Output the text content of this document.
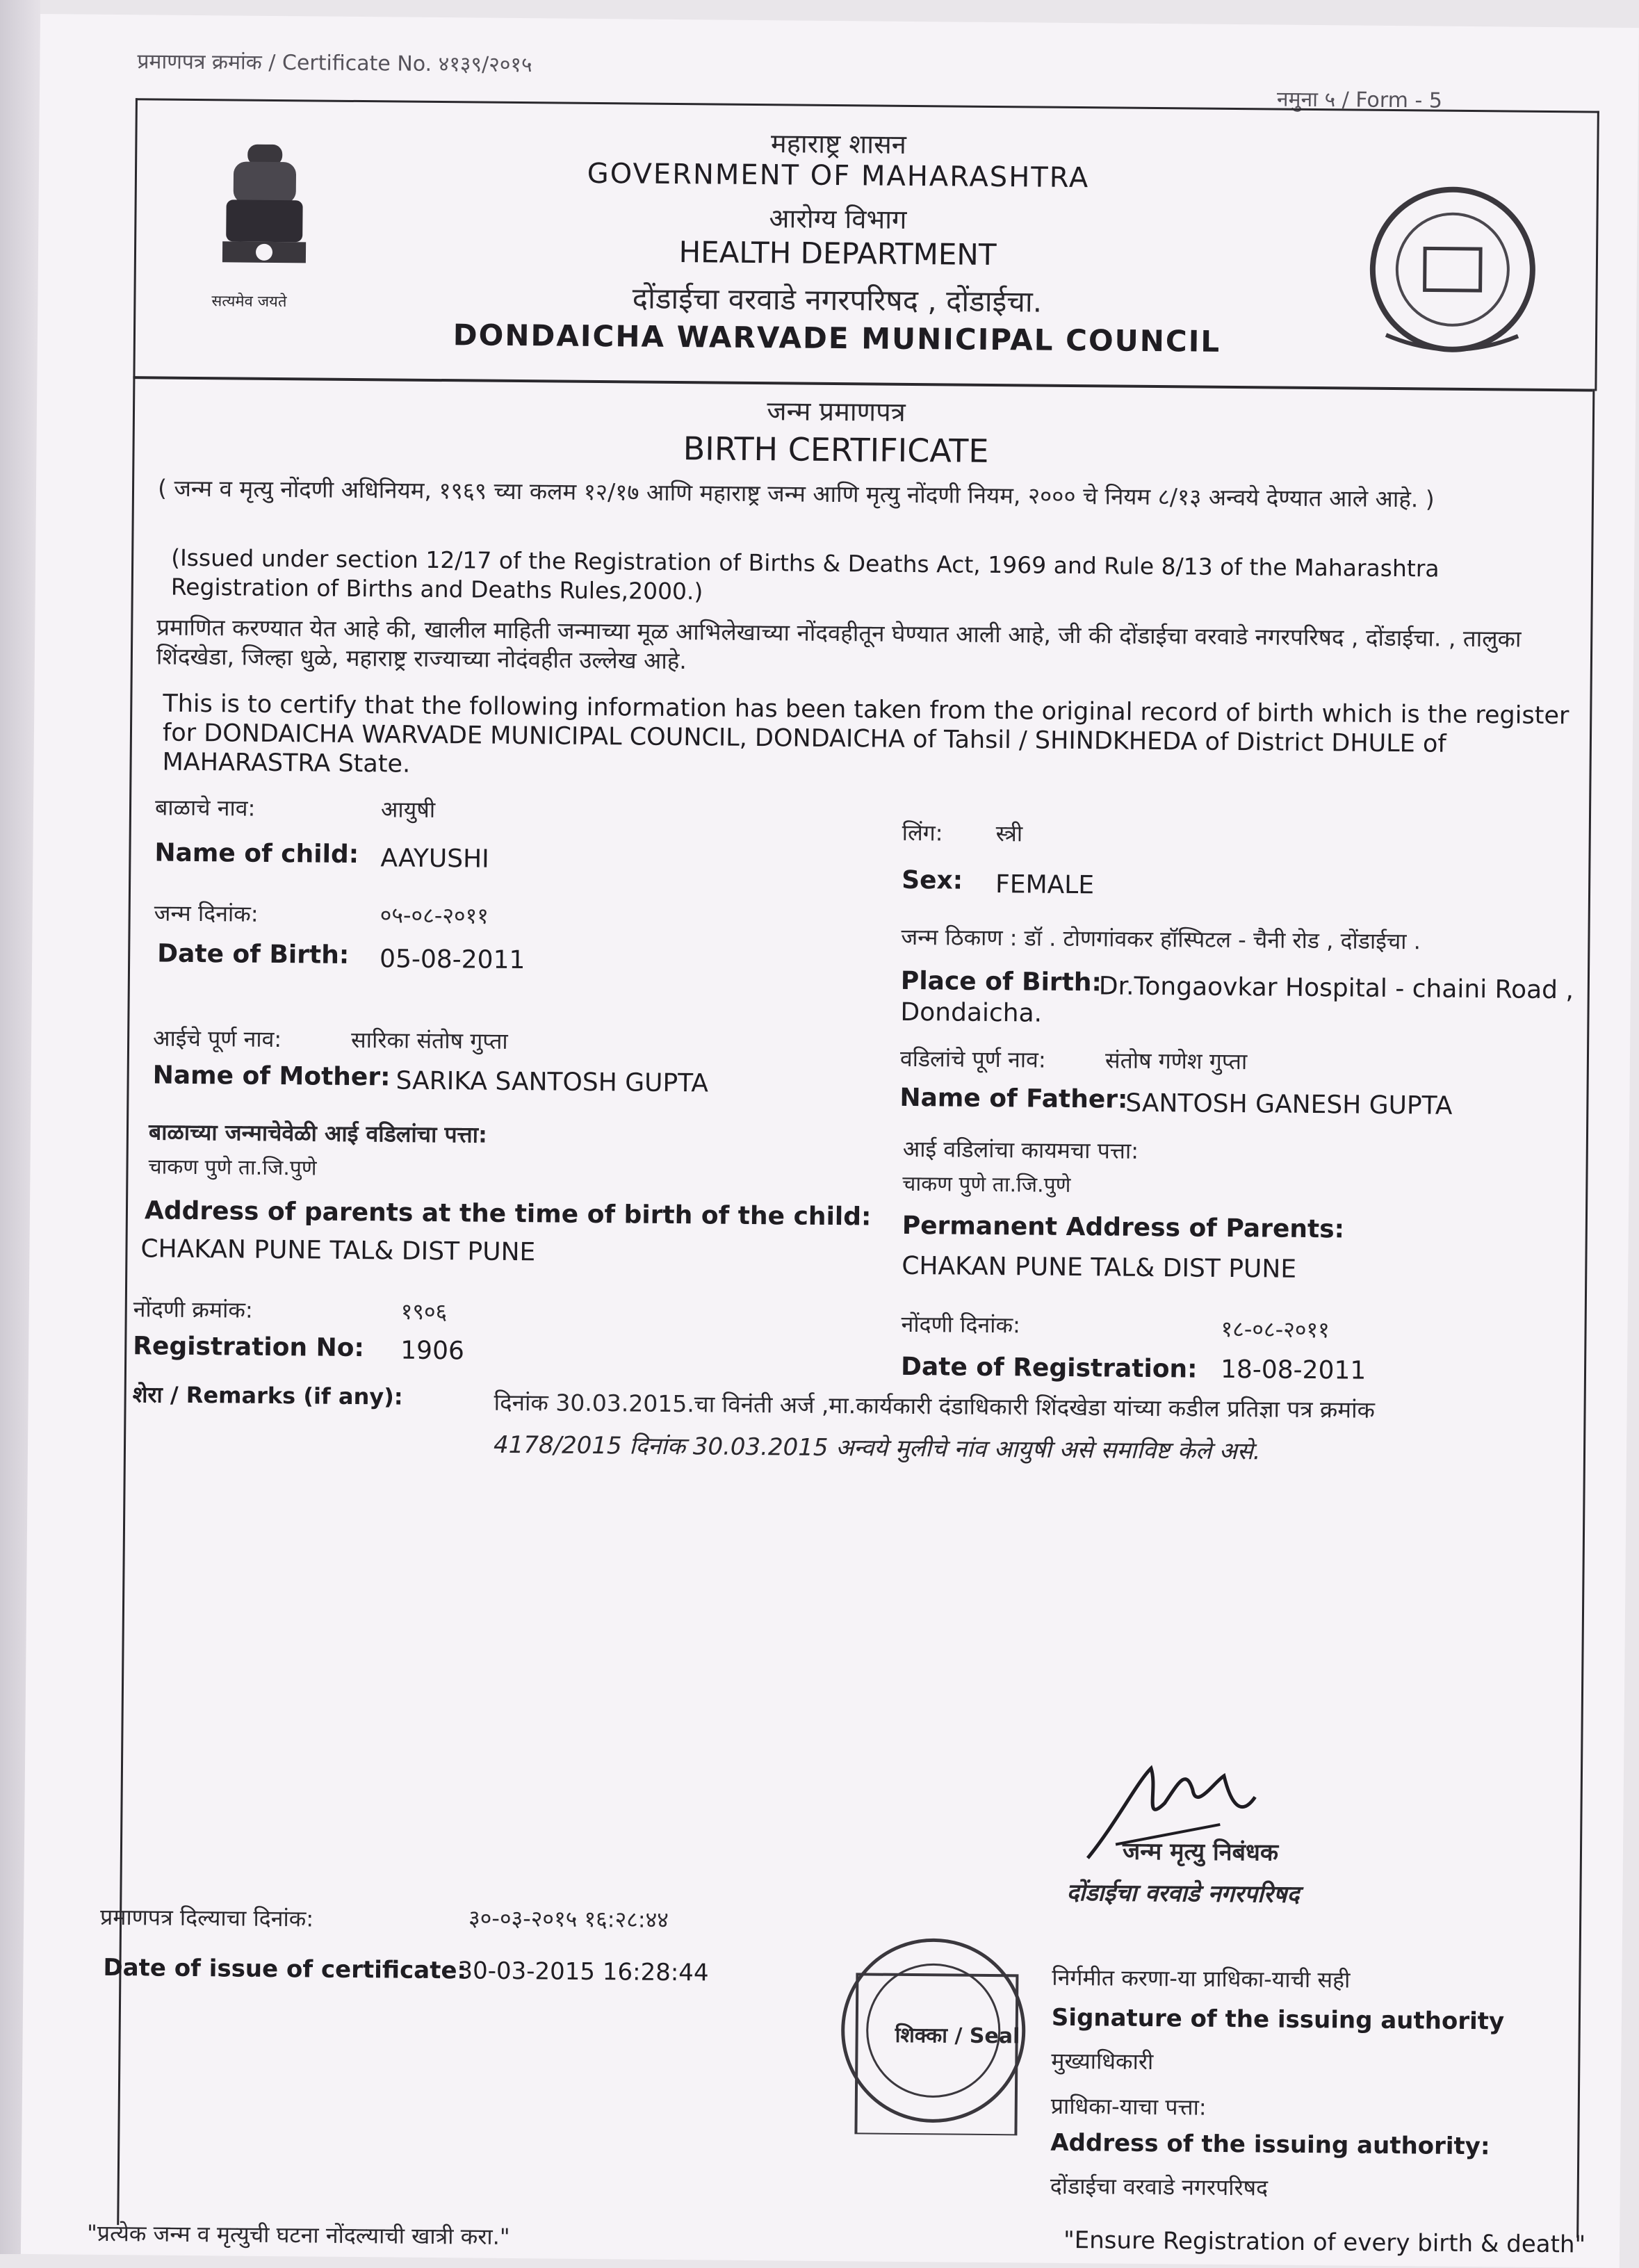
प्रमाणपत्र क्रमांक / Certificate No. ४१३९/२०१५
नमुना ५ / Form - 5
सत्यमेव जयते
महाराष्ट्र शासन
GOVERNMENT OF MAHARASHTRA
आरोग्य विभाग
HEALTH DEPARTMENT
दोंडाईचा वरवाडे नगरपरिषद , दोंडाईचा.
DONDAICHA WARVADE MUNICIPAL COUNCIL
जन्म प्रमाणपत्र
BIRTH CERTIFICATE
( जन्म व मृत्यु नोंदणी अधिनियम, १९६९ च्या कलम १२/१७ आणि महाराष्ट्र जन्म आणि मृत्यु नोंदणी नियम, २००० चे नियम ८/१३ अन्वये देण्यात आले आहे. )
(Issued under section 12/17 of the Registration of Births & Deaths Act, 1969 and Rule 8/13 of the Maharashtra Registration of Births and Deaths Rules,2000.)
प्रमाणित करण्यात येत आहे की, खालील माहिती जन्माच्या मूळ आभिलेखाच्या नोंदवहीतून घेण्यात आली आहे, जी की दोंडाईचा वरवाडे नगरपरिषद , दोंडाईचा. , तालुका शिंदखेडा, जिल्हा धुळे, महाराष्ट्र राज्याच्या नोदंवहीत उल्लेख आहे.
This is to certify that the following information has been taken from the original record of birth which is the register for DONDAICHA WARVADE MUNICIPAL COUNCIL, DONDAICHA of Tahsil / SHINDKHEDA of District DHULE of MAHARASTRA State.
बाळाचे नाव:	आयुषी
Name of child: AAYUSHI
जन्म दिनांक:	०५-०८-२०११
Date of Birth: 05-08-2011
आईचे पूर्ण नाव:	सारिका संतोष गुप्ता
Name of Mother: SARIKA SANTOSH GUPTA
बाळाच्या जन्माचेवेळी आई वडिलांचा पत्ता:
चाकण पुणे ता.जि.पुणे
Address of parents at the time of birth of the child:
CHAKAN PUNE TAL& DIST PUNE
नोंदणी क्रमांक:	१९०६
Registration No: 1906
शेरा / Remarks (if any):	दिनांक 30.03.2015.चा विनंती अर्ज ,मा.कार्यकारी दंडाधिकारी शिंदखेडा यांच्या कडील प्रतिज्ञा पत्र क्रमांक
4178/2015 दिनांक 30.03.2015 अन्वये मुलीचे नांव आयुषी असे समाविष्ट केले असे.
लिंग: स्त्री
Sex: FEMALE
जन्म ठिकाण : डॉ . टोणगांवकर हॉस्पिटल - चैनी रोड , दोंडाईचा .
Place of Birth:
Dr.Tongaovkar Hospital - chaini Road ,
Dondaicha.
वडिलांचे पूर्ण नाव:	संतोष गणेश गुप्ता
Name of Father:
SANTOSH GANESH GUPTA
आई वडिलांचा कायमचा पत्ता:
चाकण पुणे ता.जि.पुणे
Permanent Address of Parents:
CHAKAN PUNE TAL& DIST PUNE
नोंदणी दिनांक:	१८-०८-२०११
Date of Registration: 18-08-2011
जन्म मृत्यु निबंधक
दोंडाईचा वरवाडे नगरपरिषद
प्रमाणपत्र दिल्याचा दिनांक:	३०-०३-२०१५ १६:२८:४४
Date of issue of certificate:
30-03-2015 16:28:44
शिक्का / Seal
निर्गमीत करणा-या प्राधिका-याची सही
Signature of the issuing authority
मुख्याधिकारी
प्राधिका-याचा पत्ता:
Address of the issuing authority:
दोंडाईचा वरवाडे नगरपरिषद
"प्रत्येक जन्म व मृत्युची घटना नोंदल्याची खात्री करा."	"Ensure Registration of every birth & death"
